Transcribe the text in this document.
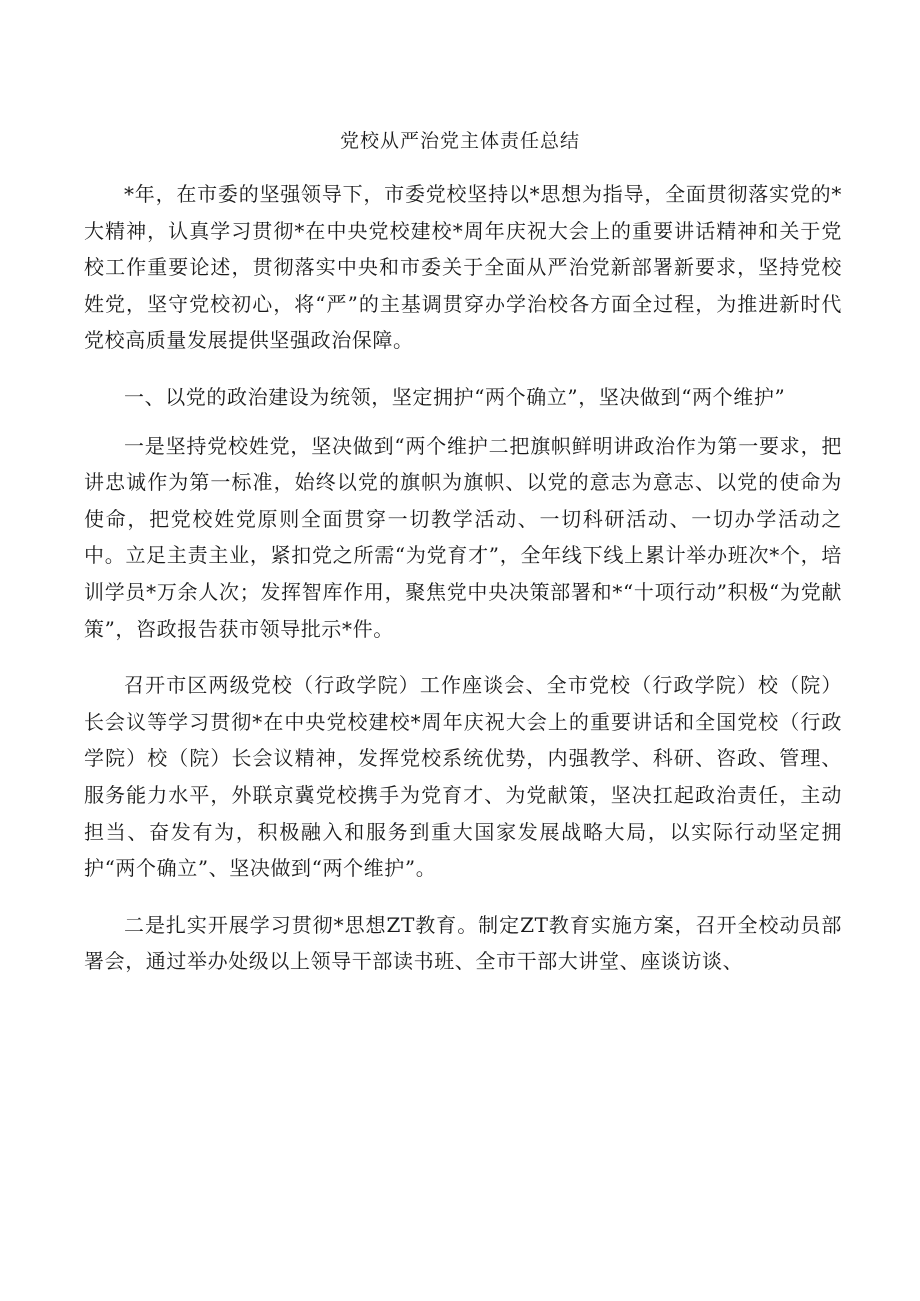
党校从严治党主体责任总结

*年，在市委的坚强领导下，市委党校坚持以*思想为指导，全面贯彻落实党的*大精神，认真学习贯彻*在中央党校建校*周年庆祝大会上的重要讲话精神和关于党校工作重要论述，贯彻落实中央和市委关于全面从严治党新部署新要求，坚持党校姓党，坚守党校初心，将“严”的主基调贯穿办学治校各方面全过程，为推进新时代党校高质量发展提供坚强政治保障。

一、以党的政治建设为统领，坚定拥护“两个确立”，坚决做到“两个维护”

一是坚持党校姓党，坚决做到“两个维护二把旗帜鲜明讲政治作为第一要求，把讲忠诚作为第一标准，始终以党的旗帜为旗帜、以党的意志为意志、以党的使命为使命，把党校姓党原则全面贯穿一切教学活动、一切科研活动、一切办学活动之中。立足主责主业，紧扣党之所需“为党育才”，全年线下线上累计举办班次*个，培训学员*万余人次；发挥智库作用，聚焦党中央决策部署和*“十项行动”积极“为党献策”，咨政报告获市领导批示*件。

召开市区两级党校（行政学院）工作座谈会、全市党校（行政学院）校（院）长会议等学习贯彻*在中央党校建校*周年庆祝大会上的重要讲话和全国党校（行政学院）校（院）长会议精神，发挥党校系统优势，内强教学、科研、咨政、管理、服务能力水平，外联京冀党校携手为党育才、为党献策，坚决扛起政治责任，主动担当、奋发有为，积极融入和服务到重大国家发展战略大局，以实际行动坚定拥护“两个确立”、坚决做到“两个维护”。

二是扎实开展学习贯彻*思想ZT教育。制定ZT教育实施方案，召开全校动员部署会，通过举办处级以上领导干部读书班、全市干部大讲堂、座谈访谈、
